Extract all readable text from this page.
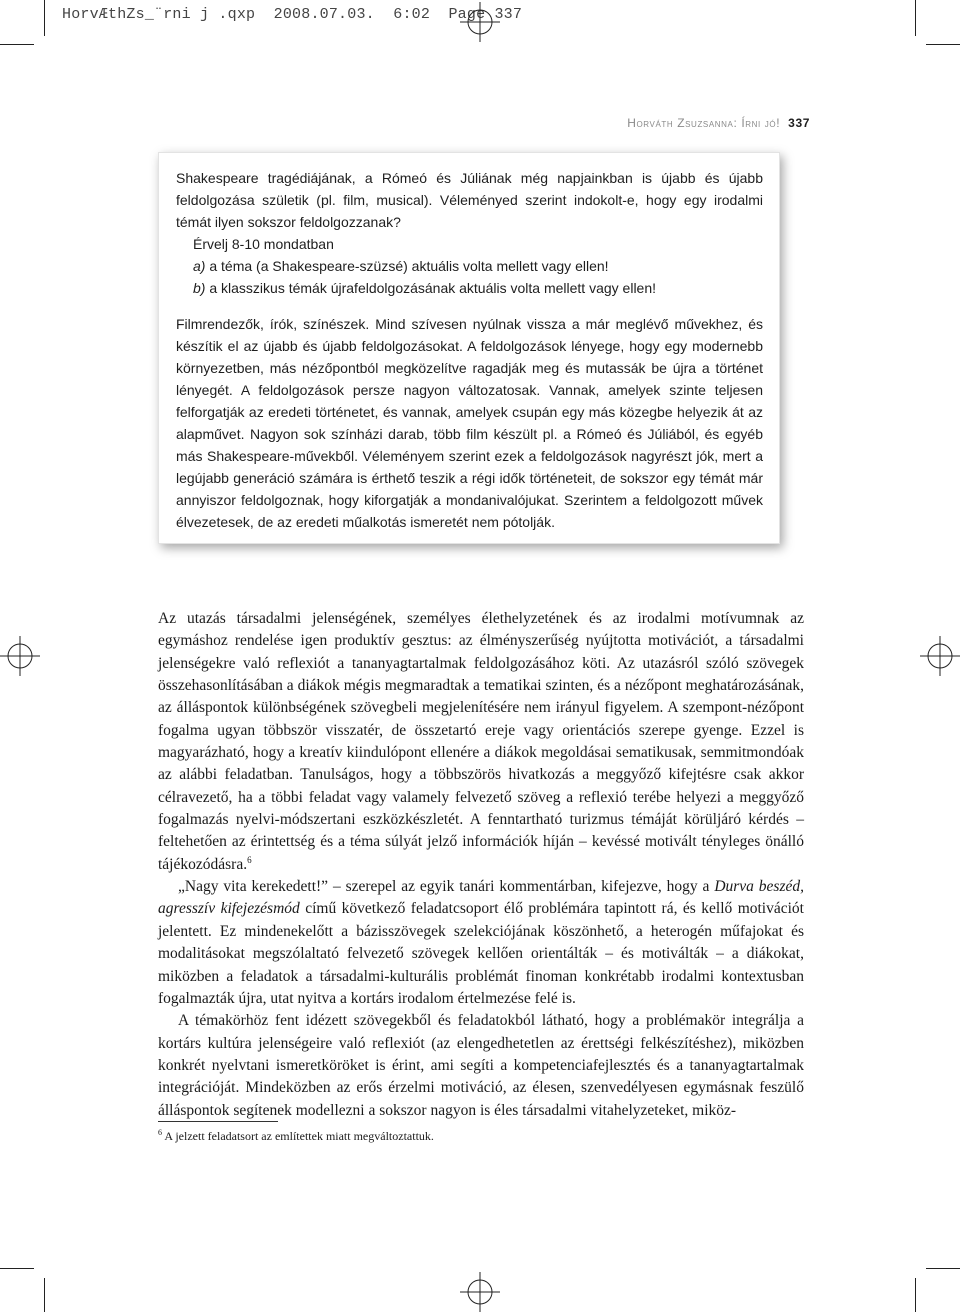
HorvÆthZs_¨rni j .qxp  2008.07.03.  6:02  Page 337
Horváth Zsuzsanna: Írni jó! 337

Shakespeare tragédiájának, a Rómeó és Júliának még napjainkban is újabb és újabb feldolgozása születik (pl. film, musical). Véleményed szerint indokolt-e, hogy egy irodalmi témát ilyen sokszor feldolgozzanak?

Érvelj 8-10 mondatban

a) a téma (a Shakespeare-szüzsé) aktuális volta mellett vagy ellen!

b) a klasszikus témák újrafeldolgozásának aktuális volta mellett vagy ellen!

Filmrendezők, írók, színészek. Mind szívesen nyúlnak vissza a már meglévő művekhez, és készítik el az újabb és újabb feldolgozásokat. A feldolgozások lényege, hogy egy modernebb környezetben, más nézőpontból megközelítve ragadják meg és mutassák be újra a történet lényegét. A feldolgozások persze nagyon változatosak. Vannak, amelyek szinte teljesen felforgatják az eredeti történetet, és vannak, amelyek csupán egy más közegbe helyezik át az alapművet. Nagyon sok színházi darab, több film készült pl. a Rómeó és Júliából, és egyéb más Shakespeare-művekből. Véleményem szerint ezek a feldolgozások nagyrészt jók, mert a legújabb generáció számára is érthető teszik a régi idők történeteit, de sokszor egy témát már annyiszor feldolgoznak, hogy kiforgatják a mondanivalójukat. Szerintem a feldolgozott művek élvezetesek, de az eredeti műalkotás ismeretét nem pótolják.

Az utazás társadalmi jelenségének, személyes élethelyzetének és az irodalmi motívumnak az egymáshoz rendelése igen produktív gesztus: az élményszerűség nyújtotta motivációt, a társadalmi jelenségekre való reflexiót a tananyagtartalmak feldolgozásához köti. Az utazásról szóló szövegek összehasonlításában a diákok mégis megmaradtak a tematikai szinten, és a nézőpont meghatározásának, az álláspontok különbségének szövegbeli megjelenítésére nem irányul figyelem. A szempont-nézőpont fogalma ugyan többször visszatér, de összetartó ereje vagy orientációs szerepe gyenge. Ezzel is magyarázható, hogy a kreatív kiindulópont ellenére a diákok megoldásai sematikusak, semmitmondóak az alábbi feladatban. Tanulságos, hogy a többszörös hivatkozás a meggyőző kifejtésre csak akkor célravezető, ha a többi feladat vagy valamely felvezető szöveg a reflexió terébe helyezi a meggyőző fogalmazás nyelvi-módszertani eszközkészletét. A fenntartható turizmus témáját körüljáró kérdés – feltehetően az érintettség és a téma súlyát jelző információk híján – kevéssé motivált tényleges önálló tájékozódásra.$^6$

„Nagy vita kerekedett!” – szerepel az egyik tanári kommentárban, kifejezve, hogy a Durva beszéd, agresszív kifejezésmód című következő feladatcsoport élő problémára tapintott rá, és kellő motivációt jelentett. Ez mindenekelőtt a bázisszövegek szelekciójának köszönhető, a heterogén műfajokat és modalitásokat megszólaltató felvezető szövegek kellően orientálták – és motiválták – a diákokat, miközben a feladatok a társadalmi-kulturális problémát finoman konkrétabb irodalmi kontextusban fogalmazták újra, utat nyitva a kortárs irodalom értelmezése felé is.

A témakörhöz fent idézett szövegekből és feladatokból látható, hogy a problémakör integrálja a kortárs kultúra jelenségeire való reflexiót (az elengedhetetlen az érettségi felkészítéshez), miközben konkrét nyelvtani ismeretköröket is érint, ami segíti a kompetenciafejlesztés és a tananyagtartalmak integrációját. Mindeközben az erős érzelmi motiváció, az élesen, szenvedélyesen egymásnak feszülő álláspontok segítenek modellezni a sokszor nagyon is éles társadalmi vitahelyzeteket, miköz-

$^6$ A jelzett feladatsort az említettek miatt megváltoztattuk.
